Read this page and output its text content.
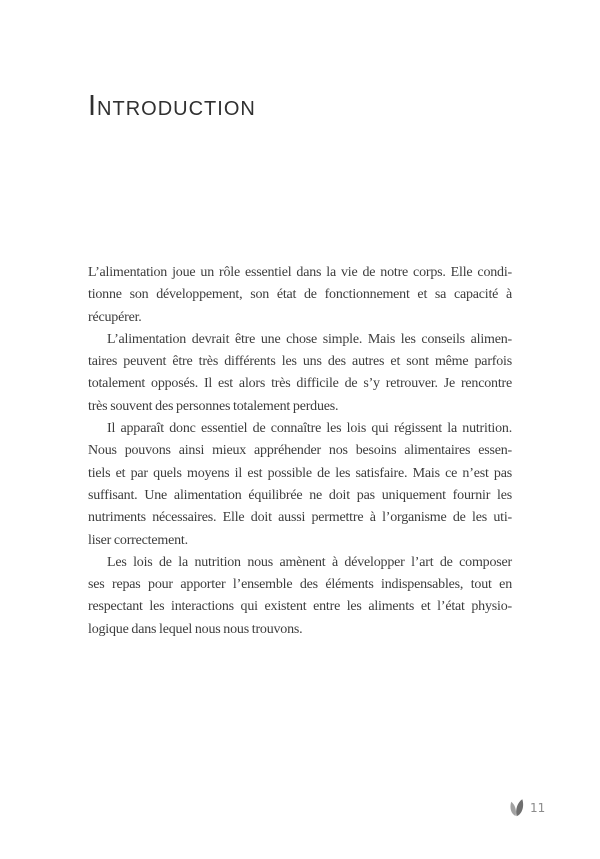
Introduction

L’alimentation joue un rôle essentiel dans la vie de notre corps. Elle condi-
tionne son développement, son état de fonctionnement et sa capacité à
récupérer.

L’alimentation devrait être une chose simple. Mais les conseils alimen-
taires peuvent être très différents les uns des autres et sont même parfois
totalement opposés. Il est alors très difficile de s’y retrouver. Je rencontre
très souvent des personnes totalement perdues.

Il apparaît donc essentiel de connaître les lois qui régissent la nutrition.
Nous pouvons ainsi mieux appréhender nos besoins alimentaires essen-
tiels et par quels moyens il est possible de les satisfaire. Mais ce n’est pas
suffisant. Une alimentation équilibrée ne doit pas uniquement fournir les
nutriments nécessaires. Elle doit aussi permettre à l’organisme de les uti-
liser correctement.

Les lois de la nutrition nous amènent à développer l’art de composer
ses repas pour apporter l’ensemble des éléments indispensables, tout en
respectant les interactions qui existent entre les aliments et l’état physio-
logique dans lequel nous nous trouvons.

11
